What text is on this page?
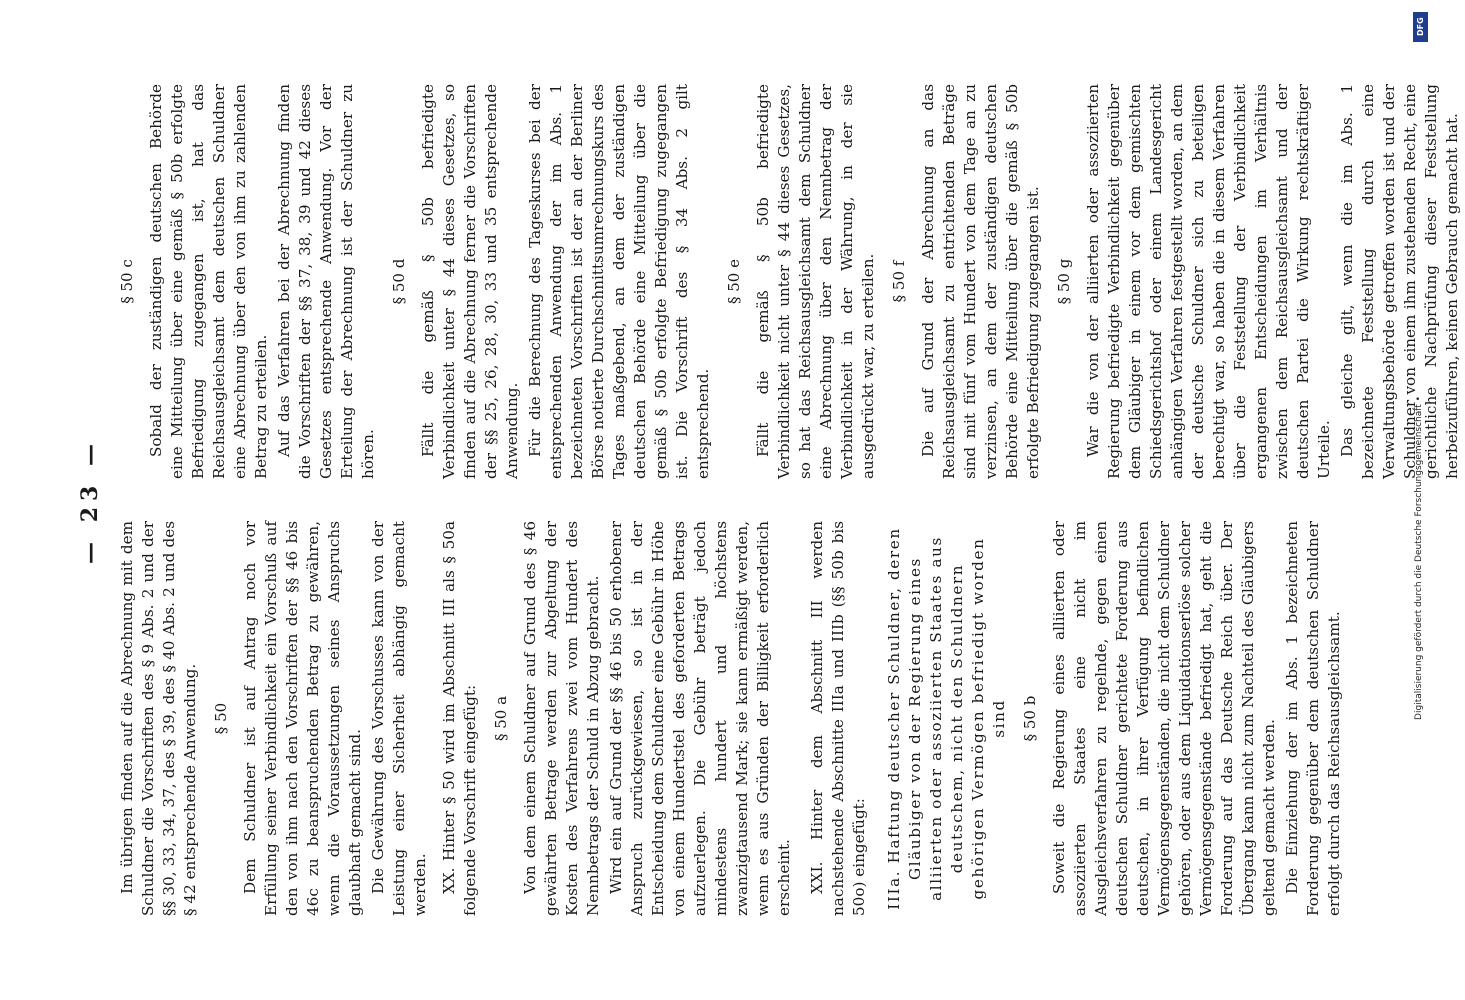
— 23 —

Im übrigen finden auf die Abrechnung mit dem Schuldner die Vorschriften des § 9 Abs. 2 und der §§ 30, 33, 34, 37, des § 39, des § 40 Abs. 2 und des § 42 entsprechende Anwendung. § 50 Dem Schuldner ist auf Antrag noch vor Erfüllung seiner Verbindlichkeit ein Vorschuß auf den von ihm nach den Vorschriften der §§ 46 bis 46c zu beanspruchenden Betrag zu gewähren, wenn die Voraussetzungen seines Anspruchs glaubhaft gemacht sind. Die Gewährung des Vorschusses kann von der Leistung einer Sicherheit abhängig gemacht werden. XX. Hinter § 50 wird im Abschnitt III als § 50a folgende Vorschrift eingefügt: § 50 a Von dem einem Schuldner auf Grund des § 46 gewährten Betrage werden zur Abgeltung der Kosten des Verfahrens zwei vom Hundert des Nennbetrags der Schuld in Abzug gebracht. Wird ein auf Grund der §§ 46 bis 50 erhobener Anspruch zurückgewiesen, so ist in der Entscheidung dem Schuldner eine Gebühr in Höhe von einem Hundertstel des geforderten Betrags aufzuerlegen. Die Gebühr beträgt jedoch mindestens hundert und höchstens zwanzigtausend Mark; sie kann ermäßigt werden, wenn es aus Gründen der Billigkeit erforderlich erscheint. XXI. Hinter dem Abschnitt III werden nachstehende Abschnitte IIIa und IIIb (§§ 50b bis 50o) eingefügt: IIIa. Haftung deutscher Schuldner, deren Gläubiger von der Regierung eines alliierten oder assoziierten Staates aus deutschem, nicht den Schuldnern gehörigen Vermögen befriedigt worden sind § 50 b Soweit die Regierung eines alliierten oder assoziierten Staates eine nicht im Ausgleichsverfahren zu regelnde, gegen einen deutschen Schuldner gerichtete Forderung aus deutschen, in ihrer Verfügung befindlichen Vermögensgegenständen, die nicht dem Schuldner gehören, oder aus dem Liquidationserlöse solcher Vermögensgegenstände befriedigt hat, geht die Forderung auf das Deutsche Reich über. Der Übergang kann nicht zum Nachteil des Gläubigers geltend gemacht werden. Die Einziehung der im Abs. 1 bezeichneten Forderung gegenüber dem deutschen Schuldner erfolgt durch das Reichsausgleichsamt.

§ 50 c Sobald der zuständigen deutschen Behörde eine Mitteilung über eine gemäß § 50b erfolgte Befriedigung zugegangen ist, hat das Reichsausgleichsamt dem deutschen Schuldner eine Abrechnung über den von ihm zu zahlenden Betrag zu erteilen. Auf das Verfahren bei der Abrechnung finden die Vorschriften der §§ 37, 38, 39 und 42 dieses Gesetzes entsprechende Anwendung. Vor der Erteilung der Abrechnung ist der Schuldner zu hören.

§ 50 d Fällt die gemäß § 50b befriedigte Verbindlichkeit unter § 44 dieses Gesetzes, so finden auf die Abrechnung ferner die Vorschriften der §§ 25, 26, 28, 30, 33 und 35 entsprechende Anwendung. Für die Berechnung des Tageskurses bei der entsprechenden Anwendung der im Abs. 1 bezeichneten Vorschriften ist der an der Berliner Börse notierte Durchschnittsumrechnungskurs des Tages maßgebend, an dem der zuständigen deutschen Behörde eine Mitteilung über die gemäß § 50b erfolgte Befriedigung zugegangen ist. Die Vorschrift des § 34 Abs. 2 gilt entsprechend.

§ 50 e Fällt die gemäß § 50b befriedigte Verbindlichkeit nicht unter § 44 dieses Gesetzes, so hat das Reichsausgleichsamt dem Schuldner eine Abrechnung über den Nennbetrag der Verbindlichkeit in der Währung, in der sie ausgedrückt war, zu erteilen. § 50 f Die auf Grund der Abrechnung an das Reichsausgleichsamt zu entrichtenden Beträge sind mit fünf vom Hundert von dem Tage an zu verzinsen, an dem der zuständigen deutschen Behörde eine Mitteilung über die gemäß § 50b erfolgte Befriedigung zugegangen ist. § 50 g War die von der alliierten oder assoziierten Regierung befriedigte Verbindlichkeit gegenüber dem Gläubiger in einem vor dem gemischten Schiedsgerichtshof oder einem Landesgericht anhängigen Verfahren festgestellt worden, an dem der deutsche Schuldner sich zu beteiligen berechtigt war, so haben die in diesem Verfahren über die Feststellung der Verbindlichkeit ergangenen Entscheidungen im Verhältnis zwischen dem Reichsausgleichsamt und der deutschen Partei die Wirkung rechtskräftiger Urteile. Das gleiche gilt, wenn die im Abs. 1 bezeichnete Feststellung durch eine Verwaltungsbehörde getroffen worden ist und der Schuldner von einem ihm zustehenden Recht, eine gerichtliche Nachprüfung dieser Feststellung herbeizuführen, keinen Gebrauch gemacht hat.

DFG
Digitalisierung gefördert durch die Deutsche Forschungsgemeinschaft •
